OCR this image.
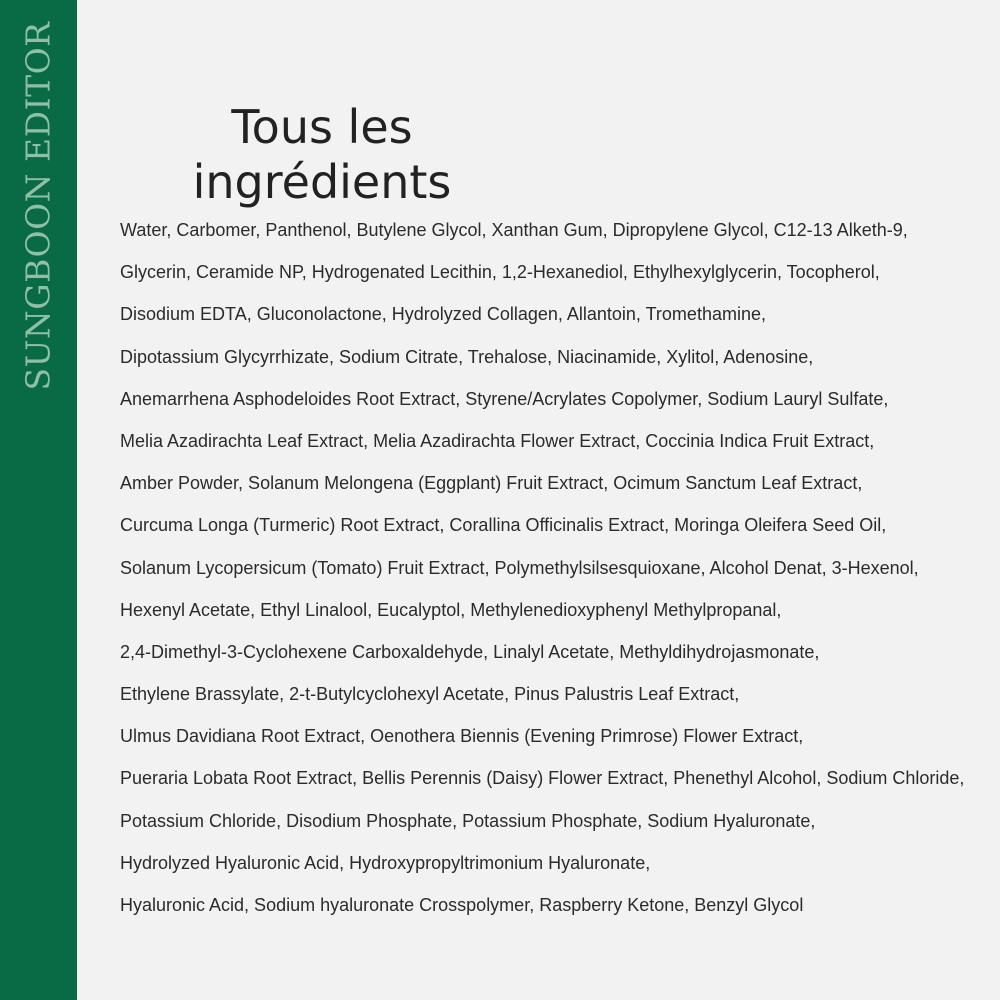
SUNGBOON EDITOR	Tous les
ingrédients
Water, Carbomer, Panthenol, Butylene Glycol, Xanthan Gum, Dipropylene Glycol, C12-13 Alketh-9,
Glycerin, Ceramide NP, Hydrogenated Lecithin, 1,2-Hexanediol, Ethylhexylglycerin, Tocopherol,
Disodium EDTA, Gluconolactone, Hydrolyzed Collagen, Allantoin, Tromethamine,
Dipotassium Glycyrrhizate, Sodium Citrate, Trehalose, Niacinamide, Xylitol, Adenosine,
Anemarrhena Asphodeloides Root Extract, Styrene/Acrylates Copolymer, Sodium Lauryl Sulfate,
Melia Azadirachta Leaf Extract, Melia Azadirachta Flower Extract, Coccinia Indica Fruit Extract,
Amber Powder, Solanum Melongena (Eggplant) Fruit Extract, Ocimum Sanctum Leaf Extract,
Curcuma Longa (Turmeric) Root Extract, Corallina Officinalis Extract, Moringa Oleifera Seed Oil,
Solanum Lycopersicum (Tomato) Fruit Extract, Polymethylsilsesquioxane, Alcohol Denat, 3-Hexenol,
Hexenyl Acetate, Ethyl Linalool, Eucalyptol, Methylenedioxyphenyl Methylpropanal,
2,4-Dimethyl-3-Cyclohexene Carboxaldehyde, Linalyl Acetate, Methyldihydrojasmonate,
Ethylene Brassylate, 2-t-Butylcyclohexyl Acetate, Pinus Palustris Leaf Extract,
Ulmus Davidiana Root Extract, Oenothera Biennis (Evening Primrose) Flower Extract,
Pueraria Lobata Root Extract, Bellis Perennis (Daisy) Flower Extract, Phenethyl Alcohol, Sodium Chloride,
Potassium Chloride, Disodium Phosphate, Potassium Phosphate, Sodium Hyaluronate,
Hydrolyzed Hyaluronic Acid, Hydroxypropyltrimonium Hyaluronate,
Hyaluronic Acid, Sodium hyaluronate Crosspolymer, Raspberry Ketone, Benzyl Glycol
